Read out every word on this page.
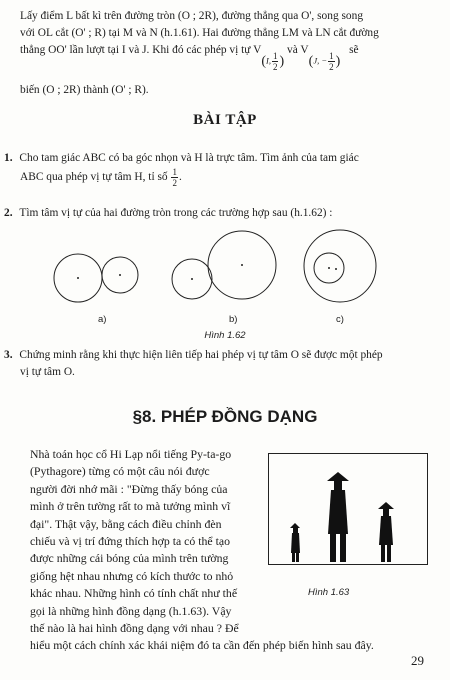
Lấy điểm L bất kì trên đường tròn (O ; 2R), đường thẳng qua O', song song
với OL cắt (O' ; R) tại M và N (h.1.61). Hai đường thẳng LM và LN cắt đường
thẳng OO' lần lượt tại I và J. Khi đó các phép vị tự V(I, $\frac{1}{2}$ ) và V(J, − $\frac{1}{2}$ ) sẽ
biến (O ; 2R) thành (O' ; R).
BÀI TẬP
1. Cho tam giác ABC có ba góc nhọn và H là trực tâm. Tìm ảnh của tam giác
ABC qua phép vị tự tâm H, tỉ số $\frac{1}{2}$ .
2. Tìm tâm vị tự của hai đường tròn trong các trường hợp sau (h.1.62) :
a)	b)	c)
Hình 1.62
3. Chứng minh rằng khi thực hiện liên tiếp hai phép vị tự tâm O sẽ được một phép
vị tự tâm O.
§8. PHÉP ĐỒNG DẠNG
Nhà toán học cổ Hi Lạp nổi tiếng Py-ta-go
(Pythagore) từng có một câu nói được
người đời nhớ mãi : "Đừng thấy bóng của
mình ở trên tường rất to mà tưởng mình vĩ
đại". Thật vậy, bằng cách điều chỉnh đèn
chiếu và vị trí đứng thích hợp ta có thể tạo
được những cái bóng của mình trên tường
giống hệt nhau nhưng có kích thước to nhỏ
khác nhau. Những hình có tính chất như thế
gọi là những hình đồng dạng (h.1.63). Vậy
thế nào là hai hình đồng dạng với nhau ? Để
hiểu một cách chính xác khái niệm đó ta cần đến phép biến hình sau đây.
Hình 1.63
29
